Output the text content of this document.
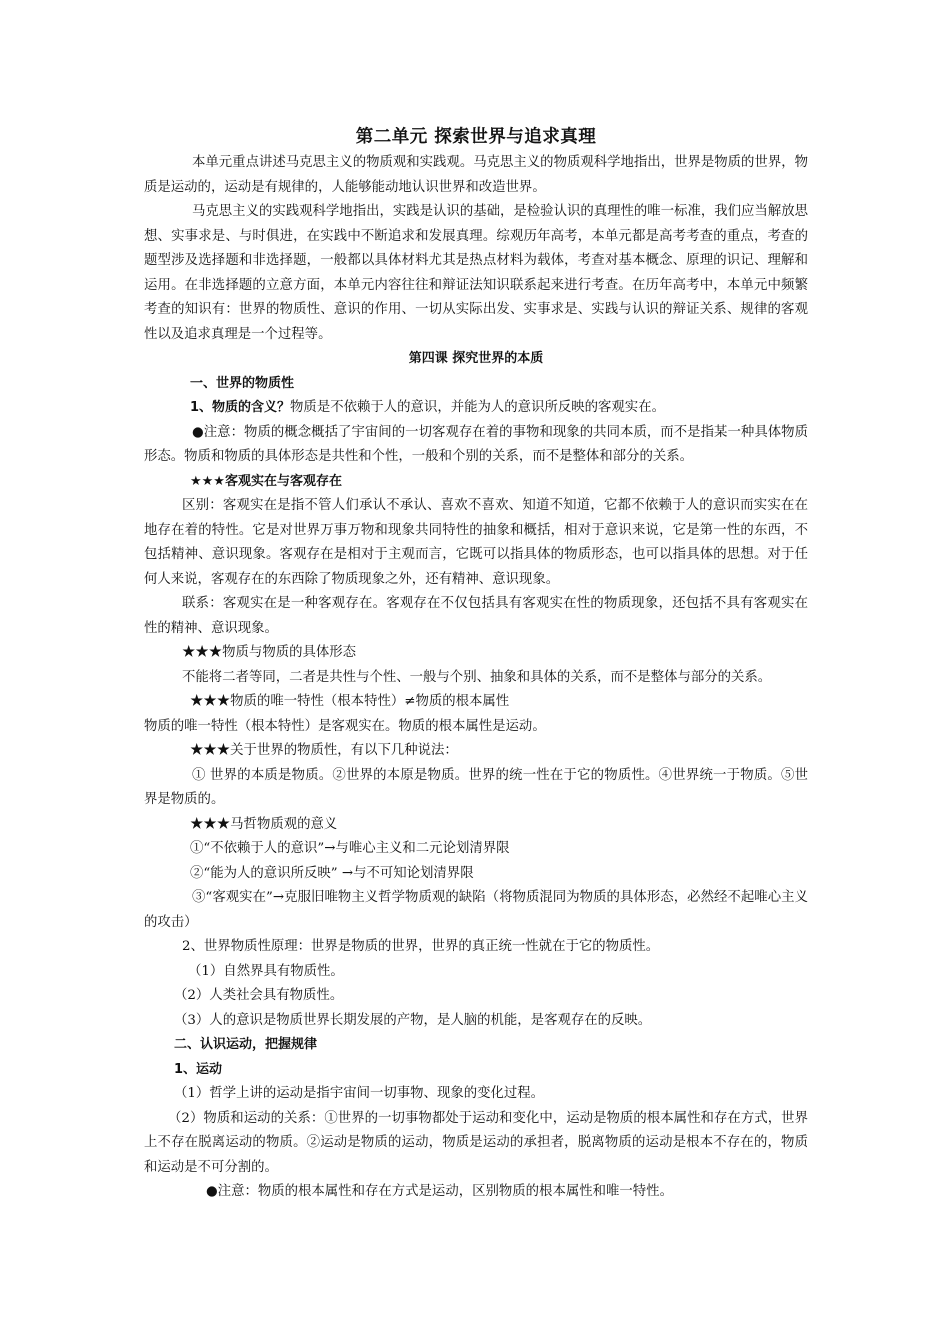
第二单元 探索世界与追求真理

本单元重点讲述马克思主义的物质观和实践观。马克思主义的物质观科学地指出，世界是物质的世界，物质是运动的，运动是有规律的，人能够能动地认识世界和改造世界。

马克思主义的实践观科学地指出，实践是认识的基础，是检验认识的真理性的唯一标准，我们应当解放思想、实事求是、与时俱进，在实践中不断追求和发展真理。综观历年高考，本单元都是高考考查的重点，考查的题型涉及选择题和非选择题，一般都以具体材料尤其是热点材料为载体，考查对基本概念、原理的识记、理解和运用。在非选择题的立意方面，本单元内容往往和辩证法知识联系起来进行考查。在历年高考中，本单元中频繁考查的知识有：世界的物质性、意识的作用、一切从实际出发、实事求是、实践与认识的辩证关系、规律的客观性以及追求真理是一个过程等。

第四课 探究世界的本质

一、世界的物质性

1、物质的含义？物质是不依赖于人的意识，并能为人的意识所反映的客观实在。

●注意：物质的概念概括了宇宙间的一切客观存在着的事物和现象的共同本质，而不是指某一种具体物质形态。物质和物质的具体形态是共性和个性，一般和个别的关系，而不是整体和部分的关系。

★★★客观实在与客观存在

区别：客观实在是指不管人们承认不承认、喜欢不喜欢、知道不知道，它都不依赖于人的意识而实实在在地存在着的特性。它是对世界万事万物和现象共同特性的抽象和概括，相对于意识来说，它是第一性的东西，不包括精神、意识现象。客观存在是相对于主观而言，它既可以指具体的物质形态，也可以指具体的思想。对于任何人来说，客观存在的东西除了物质现象之外，还有精神、意识现象。

联系：客观实在是一种客观存在。客观存在不仅包括具有客观实在性的物质现象，还包括不具有客观实在性的精神、意识现象。

★★★物质与物质的具体形态

不能将二者等同，二者是共性与个性、一般与个别、抽象和具体的关系，而不是整体与部分的关系。

★★★物质的唯一特性（根本特性）≠物质的根本属性

物质的唯一特性（根本特性）是客观实在。物质的根本属性是运动。

★★★关于世界的物质性，有以下几种说法：

① 世界的本质是物质。②世界的本原是物质。世界的统一性在于它的物质性。④世界统一于物质。⑤世界是物质的。

★★★马哲物质观的意义

①“不依赖于人的意识”→与唯心主义和二元论划清界限

②“能为人的意识所反映” →与不可知论划清界限

③“客观实在”→克服旧唯物主义哲学物质观的缺陷（将物质混同为物质的具体形态，必然经不起唯心主义的攻击）

2、世界物质性原理：世界是物质的世界，世界的真正统一性就在于它的物质性。

（1）自然界具有物质性。

（2）人类社会具有物质性。

（3）人的意识是物质世界长期发展的产物，是人脑的机能，是客观存在的反映。

二、认识运动，把握规律

1、运动

（1）哲学上讲的运动是指宇宙间一切事物、现象的变化过程。

（2）物质和运动的关系：①世界的一切事物都处于运动和变化中，运动是物质的根本属性和存在方式，世界上不存在脱离运动的物质。②运动是物质的运动，物质是运动的承担者，脱离物质的运动是根本不存在的，物质和运动是不可分割的。

●注意：物质的根本属性和存在方式是运动，区别物质的根本属性和唯一特性。
